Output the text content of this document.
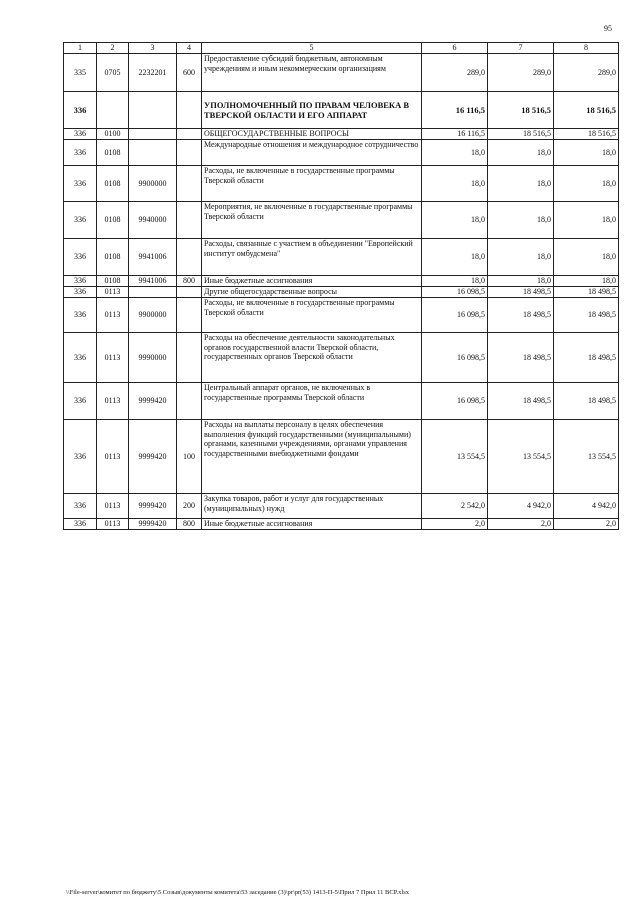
95
1	2	3	4	5	6	7	8
335	0705	2232201	600	Предоставление субсидий бюджетным, автономным учреждениям и иным некоммерческим организациям	289,0	289,0	289,0
336				УПОЛНОМОЧЕННЫЙ ПО ПРАВАМ ЧЕЛОВЕКА В ТВЕРСКОЙ ОБЛАСТИ И ЕГО АППАРАТ	16 116,5	18 516,5	18 516,5
336	0100			ОБЩЕГОСУДАРСТВЕННЫЕ ВОПРОСЫ	16 116,5	18 516,5	18 516,5
336	0108			Международные отношения и международное сотрудничество	18,0	18,0	18,0
336	0108	9900000		Расходы, не включенные в государственные программы Тверской области	18,0	18,0	18,0
336	0108	9940000		Мероприятия, не включенные в государственные программы Тверской области	18,0	18,0	18,0
336	0108	9941006		Расходы, связанные с участием в объединении "Европейский институт омбудсмена"	18,0	18,0	18,0
336	0108	9941006	800	Иные бюджетные ассигнования	18,0	18,0	18,0
336	0113			Другие общегосударственные вопросы	16 098,5	18 498,5	18 498,5
336	0113	9900000		Расходы, не включенные в государственные программы Тверской области	16 098,5	18 498,5	18 498,5
336	0113	9990000		Расходы на обеспечение деятельности законодательных органов государственной власти Тверской области, государственных органов Тверской области	16 098,5	18 498,5	18 498,5
336	0113	9999420		Центральный аппарат органов, не включенных в государственные программы Тверской области	16 098,5	18 498,5	18 498,5
336	0113	9999420	100	Расходы на выплаты персоналу в целях обеспечения выполнения функций государственными (муниципальными) органами, казенными учреждениями, органами управления государственными внебюджетными фондами	13 554,5	13 554,5	13 554,5
336	0113	9999420	200	Закупка товаров, работ и услуг для государственных (муниципальных) нужд	2 542,0	4 942,0	4 942,0
336	0113	9999420	800	Иные бюджетные ассигнования	2,0	2,0	2,0
\\File-server\комитет по бюджету\5 Созыв\документы комитета\53 заседание (3)\pr\pr(53) 1413-П-5\Прил 7 Прил 11 ВСР.xlsx
